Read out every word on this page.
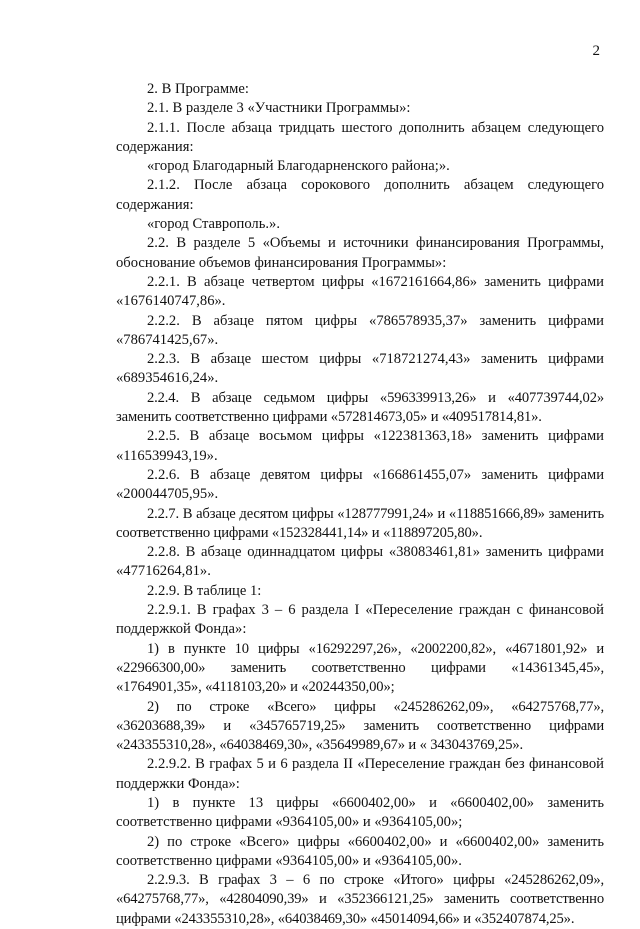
2

2. В Программе:

2.1. В разделе 3 «Участники Программы»:

2.1.1. После абзаца тридцать шестого дополнить абзацем следующего содержания:

«город Благодарный Благодарненского района;».

2.1.2. После абзаца сорокового дополнить абзацем следующего содержания:

«город Ставрополь.».

2.2. В разделе 5 «Объемы и источники финансирования Программы, обоснование объемов финансирования Программы»:

2.2.1. В абзаце четвертом цифры «1672161664,86» заменить цифрами «1676140747,86».

2.2.2. В абзаце пятом цифры «786578935,37» заменить цифрами «786741425,67».

2.2.3. В абзаце шестом цифры «718721274,43» заменить цифрами «689354616,24».

2.2.4. В абзаце седьмом цифры «596339913,26» и «407739744,02» заменить соответственно цифрами «572814673,05» и «409517814,81».

2.2.5. В абзаце восьмом цифры «122381363,18» заменить цифрами «116539943,19».

2.2.6. В абзаце девятом цифры «166861455,07» заменить цифрами «200044705,95».

2.2.7. В абзаце десятом цифры «128777991,24» и «118851666,89» заменить соответственно цифрами «152328441,14» и «118897205,80».

2.2.8. В абзаце одиннадцатом цифры «38083461,81» заменить цифрами «47716264,81».

2.2.9. В таблице 1:

2.2.9.1. В графах 3 – 6 раздела I «Переселение граждан с финансовой поддержкой Фонда»:

1) в пункте 10 цифры «16292297,26», «2002200,82», «4671801,92» и «22966300,00» заменить соответственно цифрами «14361345,45», «1764901,35», «4118103,20» и «20244350,00»;

2) по строке «Всего» цифры «245286262,09», «64275768,77», «36203688,39» и «345765719,25» заменить соответственно цифрами «243355310,28», «64038469,30», «35649989,67» и « 343043769,25».

2.2.9.2. В графах 5 и 6 раздела II «Переселение граждан без финансовой поддержки Фонда»:

1) в пункте 13 цифры «6600402,00» и «6600402,00» заменить соответственно цифрами «9364105,00» и «9364105,00»;

2) по строке «Всего» цифры «6600402,00» и «6600402,00» заменить соответственно цифрами «9364105,00» и «9364105,00».

2.2.9.3. В графах 3 – 6 по строке «Итого» цифры «245286262,09», «64275768,77», «42804090,39» и «352366121,25» заменить соответственно цифрами «243355310,28», «64038469,30» «45014094,66» и «352407874,25».
